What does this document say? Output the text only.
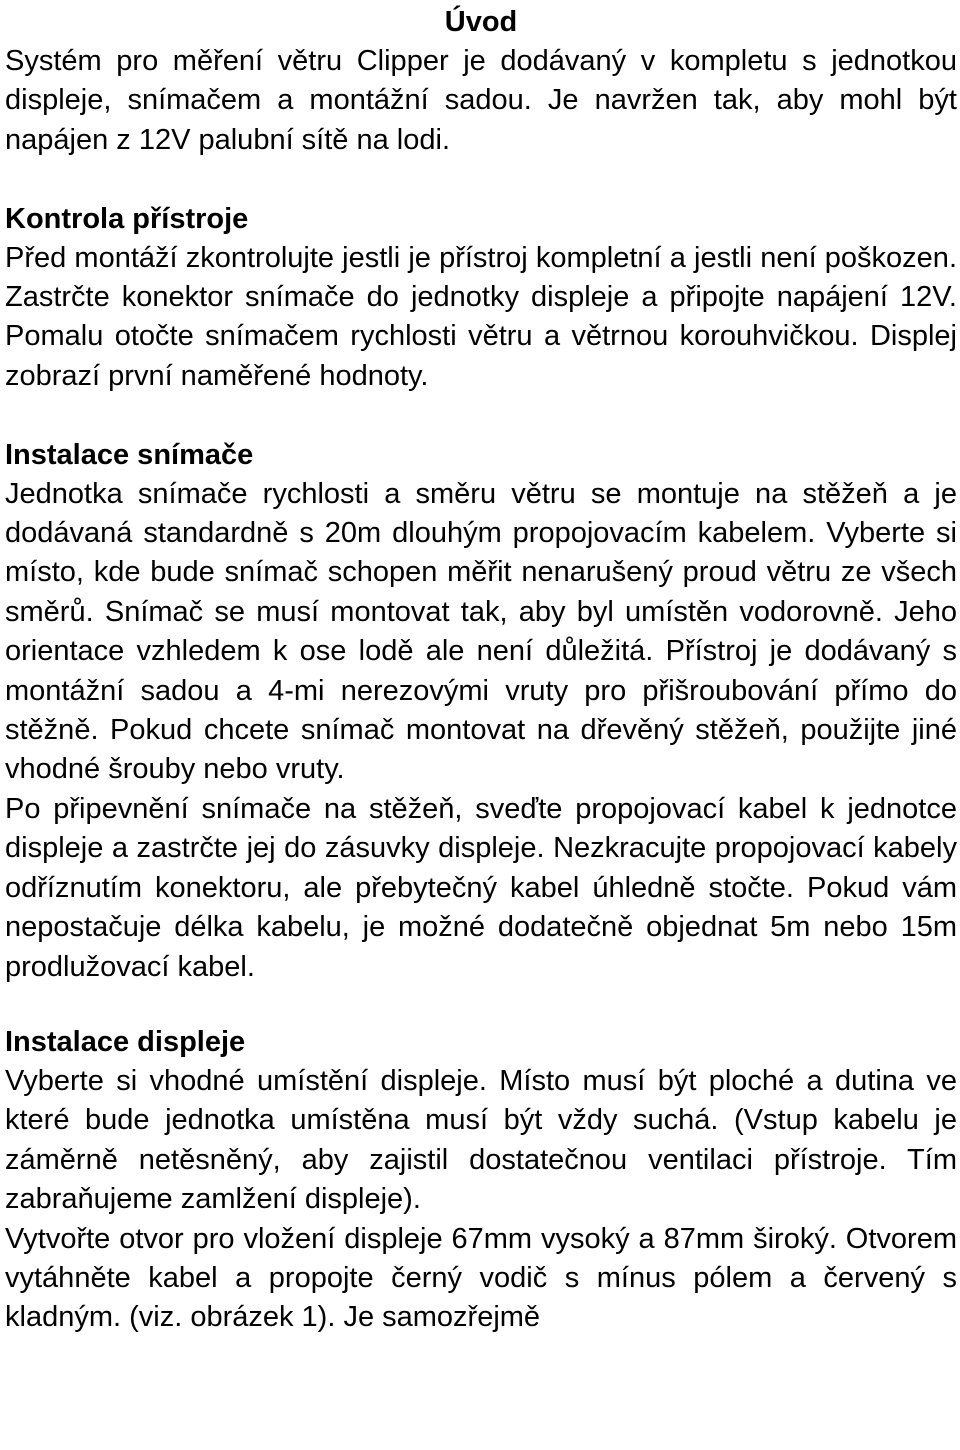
Úvod

Systém pro měření větru Clipper je dodávaný v kompletu s jednotkou displeje, snímačem a montážní sadou. Je navržen tak, aby mohl být napájen z 12V palubní sítě na lodi.

Kontrola přístroje

Před montáží zkontrolujte jestli je přístroj kompletní a jestli není poškozen. Zastrčte konektor snímače do jednotky displeje a připojte napájení 12V. Pomalu otočte snímačem rychlosti větru a větrnou korouhvičkou. Displej zobrazí první naměřené hodnoty.

Instalace snímače

Jednotka snímače rychlosti a směru větru se montuje na stěžeň a je dodávaná standardně s 20m dlouhým propojovacím kabelem. Vyberte si místo, kde bude snímač schopen měřit nenarušený proud větru ze všech směrů. Snímač se musí montovat tak, aby byl umístěn vodorovně. Jeho orientace vzhledem k ose lodě ale není důležitá. Přístroj je dodávaný s montážní sadou a 4-mi nerezovými vruty pro přišroubování přímo do stěžně. Pokud chcete snímač montovat na dřevěný stěžeň, použijte jiné vhodné šrouby nebo vruty.

Po připevnění snímače na stěžeň, sveďte propojovací kabel k jednotce displeje a zastrčte jej do zásuvky displeje. Nezkracujte propojovací kabely odříznutím konektoru, ale přebytečný kabel úhledně stočte. Pokud vám nepostačuje délka kabelu, je možné dodatečně objednat 5m nebo 15m prodlužovací kabel.

Instalace displeje

Vyberte si vhodné umístění displeje. Místo musí být ploché a dutina ve které bude jednotka umístěna musí být vždy suchá. (Vstup kabelu je záměrně netěsněný, aby zajistil dostatečnou ventilaci přístroje. Tím zabraňujeme zamlžení displeje).

Vytvořte otvor pro vložení displeje 67mm vysoký a 87mm široký. Otvorem vytáhněte kabel a propojte černý vodič s mínus pólem a červený s kladným. (viz. obrázek 1). Je samozřejmě
